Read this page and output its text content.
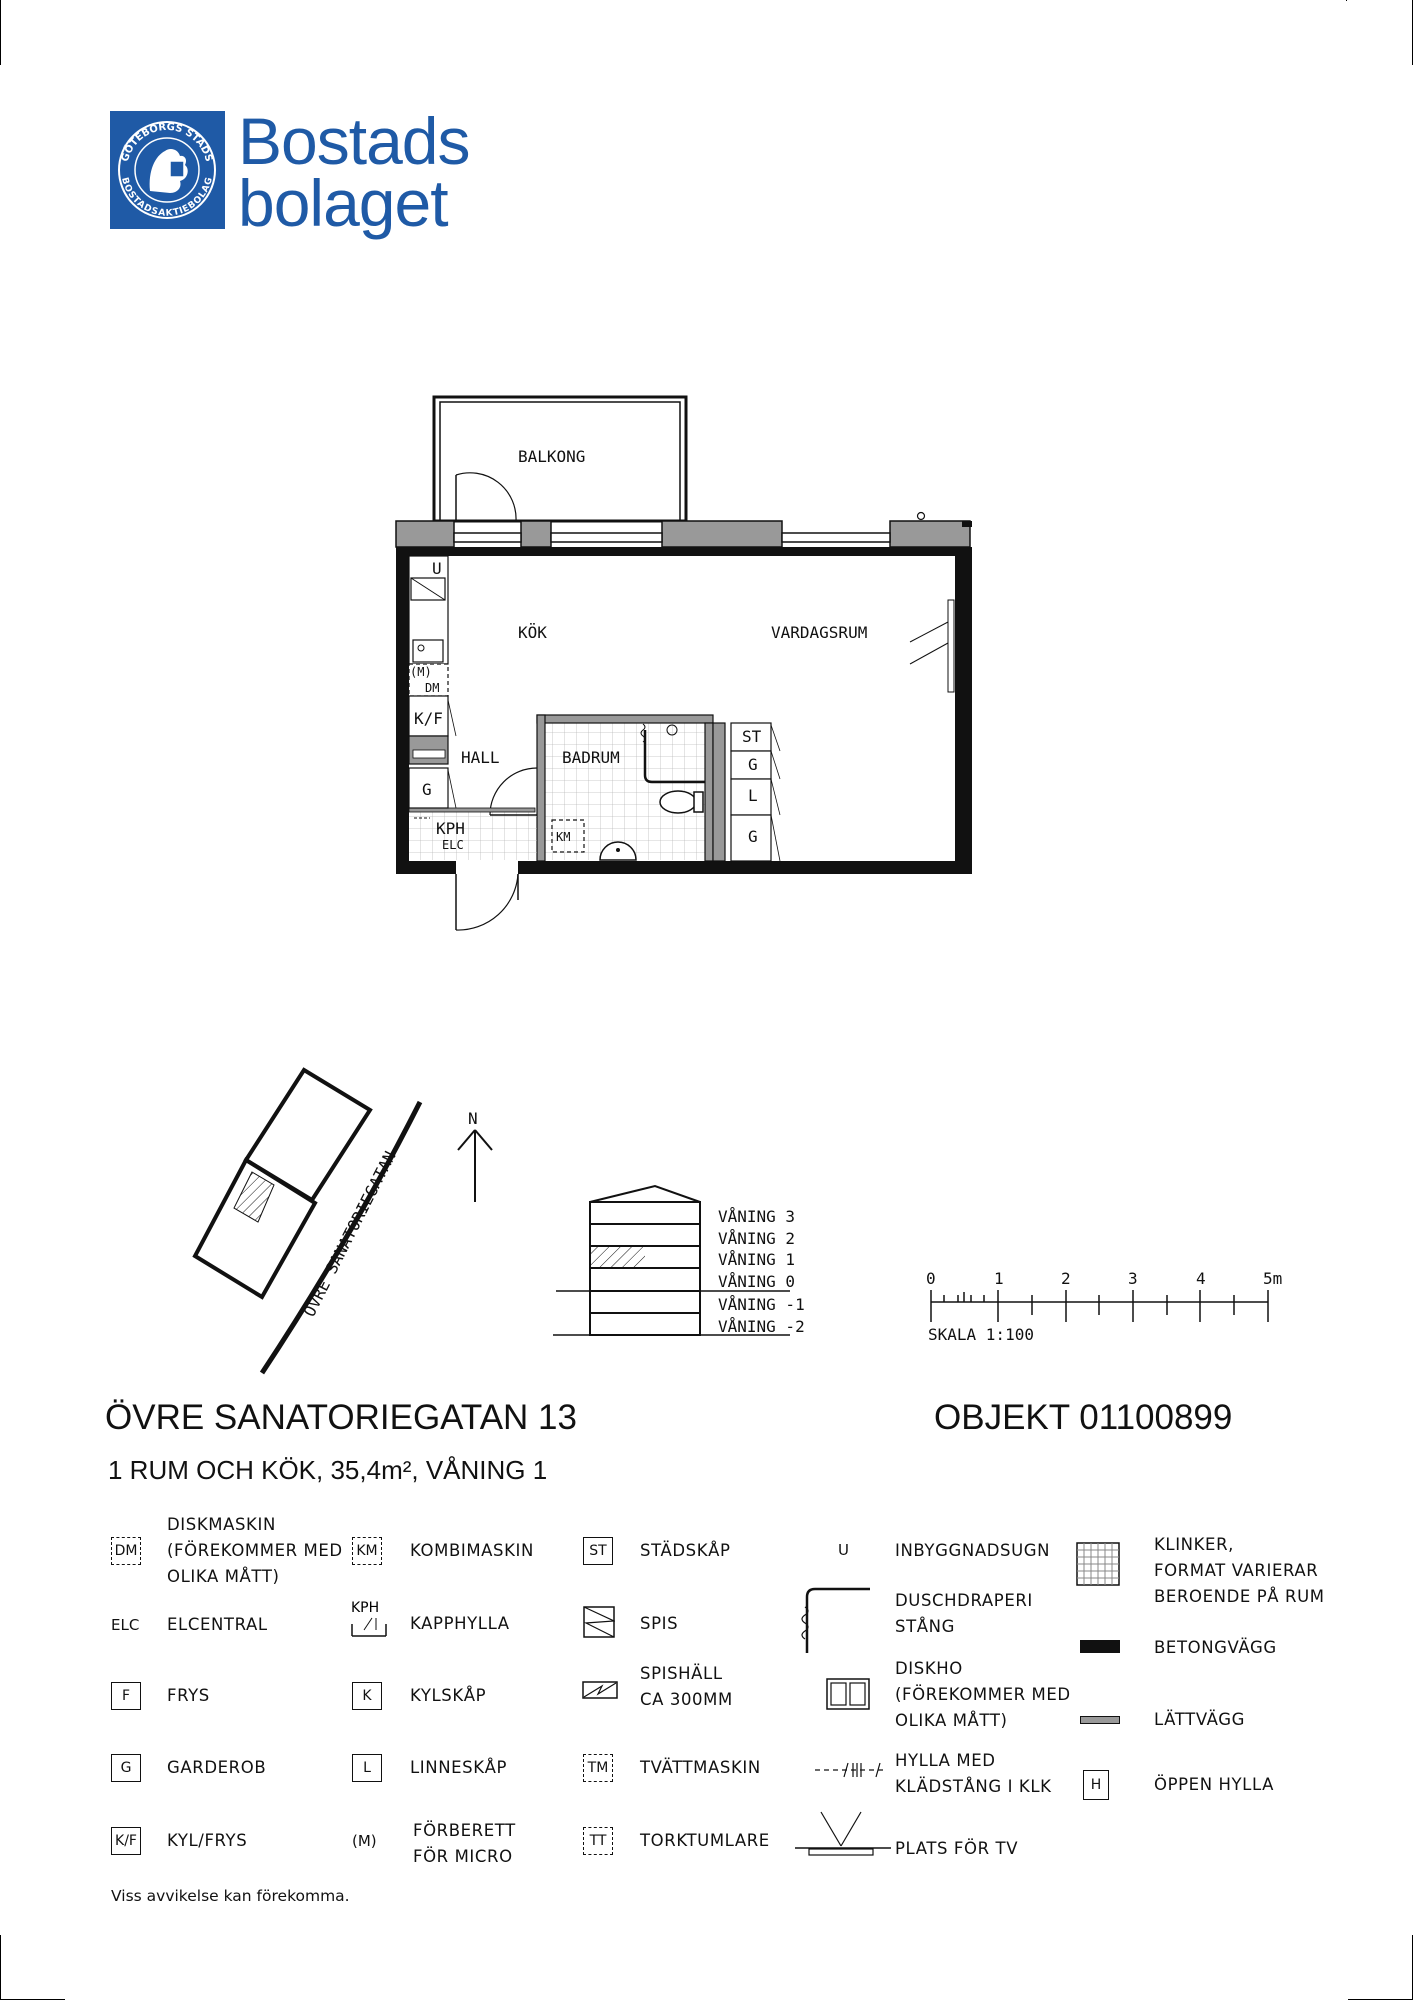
GÖTEBORGS STADS
BOSTADSAKTIEBOLAG
Bostads
bolaget
BALKONG
KÖK	VARDAGSRUM
HALL	BADRUM
U
(M)
DM
K/F
G
KPH
ELC
KM
ST
G
L
G
ÖVRE SANATORIEGATAN
N
VÅNING 3
VÅNING 2
VÅNING 1
VÅNING 0
VÅNING -1
VÅNING -2
0	1	2	3	4	5m
SKALA 1:100
ÖVRE SANATORIEGATAN 13	OBJEKT 01100899
1 RUM OCH KÖK, 35,4m², VÅNING 1
DM
DISKMASKIN
(FÖREKOMMER MED
OLIKA MÅTT)
ELC ELCENTRAL
F	FRYS
G	GARDEROB
K/F KYL/FRYS
KM KOMBIMASKIN
KPH
KAPPHYLLA
K	KYLSKÅP
L	LINNESKÅP
(M)
FÖRBERETT
FÖR MICRO
ST	STÄDSKÅP
SPIS
SPISHÄLL
CA 300MM
TM TVÄTTMASKIN
TT	TORKTUMLARE
U	INBYGGNADSUGN
DUSCHDRAPERI
STÅNG
DISKHO
(FÖREKOMMER MED
OLIKA MÅTT)
HYLLA MED
KLÄDSTÅNG I KLK
PLATS FÖR TV
KLINKER,
FORMAT VARIERAR
BEROENDE PÅ RUM
BETONGVÄGG
LÄTTVÄGG
H	ÖPPEN HYLLA
Viss avvikelse kan förekomma.
